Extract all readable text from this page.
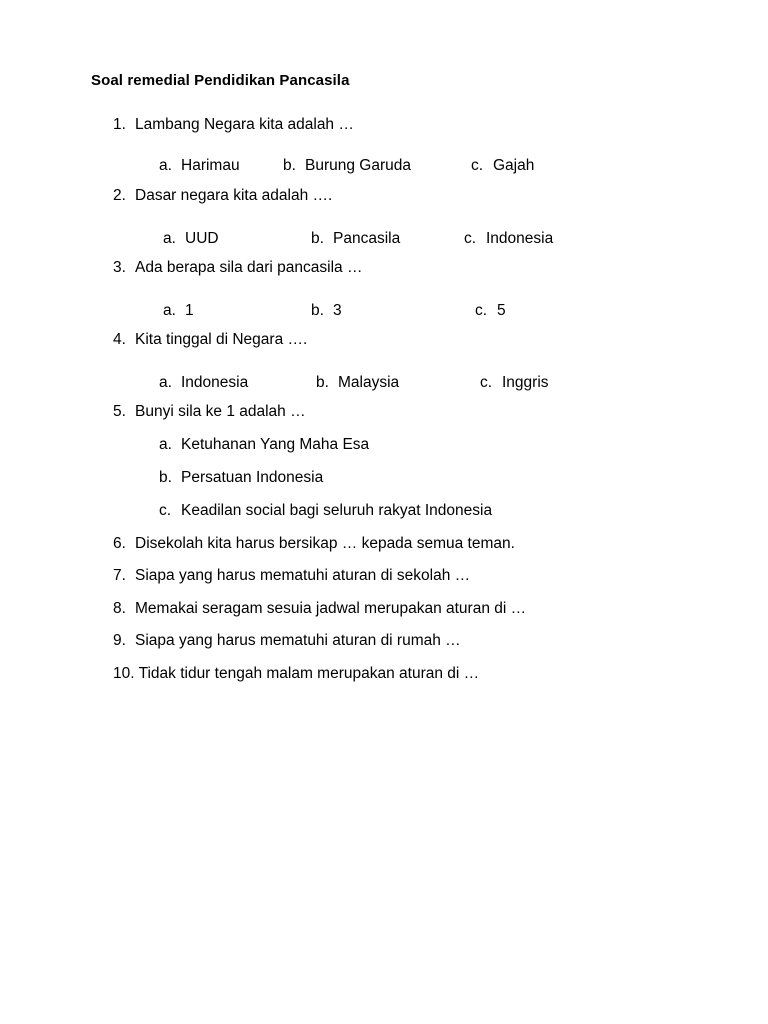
Soal remedial Pendidikan Pancasila
1. Lambang Negara kita adalah …
a. Harimau	b. Burung Garuda	c. Gajah
2. Dasar negara kita adalah ….
a. UUD	b. Pancasila	c. Indonesia
3. Ada berapa sila dari pancasila …
a. 1	b. 3	c. 5
4. Kita tinggal di Negara ….
a. Indonesia	b. Malaysia	c. Inggris
5. Bunyi sila ke 1 adalah …
a. Ketuhanan Yang Maha Esa
b. Persatuan Indonesia
c. Keadilan social bagi seluruh rakyat Indonesia
6. Disekolah kita harus bersikap … kepada semua teman.
7. Siapa yang harus mematuhi aturan di sekolah …
8. Memakai seragam sesuia jadwal merupakan aturan di …
9. Siapa yang harus mematuhi aturan di rumah …
10. Tidak tidur tengah malam merupakan aturan di …
